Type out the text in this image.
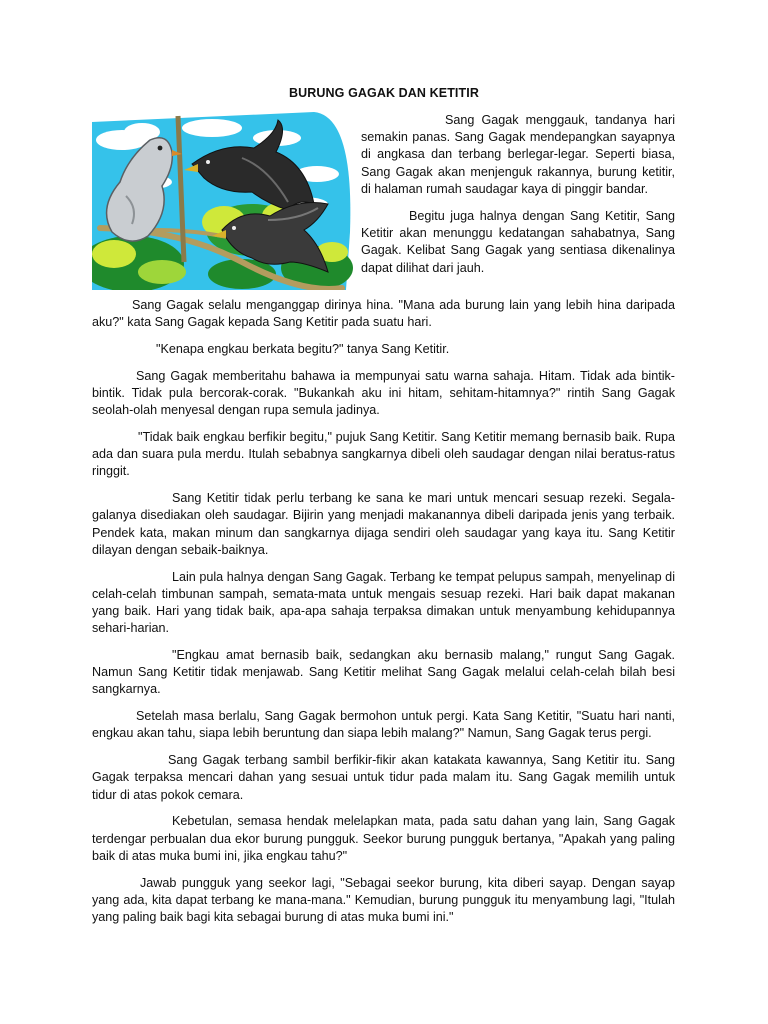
BURUNG GAGAK DAN KETITIR

Sang Gagak menggauk, tandanya hari semakin panas. Sang Gagak mendepangkan sayapnya di angkasa dan terbang berlegar-legar. Seperti biasa, Sang Gagak akan menjenguk rakannya, burung ketitir, di halaman rumah saudagar kaya di pinggir bandar.

Begitu juga halnya dengan Sang Ketitir, Sang Ketitir akan menunggu kedatangan sahabatnya, Sang Gagak. Kelibat Sang Gagak yang sentiasa dikenalinya dapat dilihat dari jauh.

Sang Gagak selalu menganggap dirinya hina. "Mana ada burung lain yang lebih hina daripada aku?" kata Sang Gagak kepada Sang Ketitir pada suatu hari.

"Kenapa engkau berkata begitu?" tanya Sang Ketitir.

Sang Gagak memberitahu bahawa ia mempunyai satu warna sahaja. Hitam. Tidak ada bintik-bintik. Tidak pula bercorak-corak. "Bukankah aku ini hitam, sehitam-hitamnya?" rintih Sang Gagak seolah-olah menyesal dengan rupa semula jadinya.

"Tidak baik engkau berfikir begitu," pujuk Sang Ketitir. Sang Ketitir memang bernasib baik. Rupa ada dan suara pula merdu. Itulah sebabnya sangkarnya dibeli oleh saudagar dengan nilai beratus-ratus ringgit.

Sang Ketitir tidak perlu terbang ke sana ke mari untuk mencari sesuap rezeki. Segala-galanya disediakan oleh saudagar. Bijirin yang menjadi makanannya dibeli daripada jenis yang terbaik. Pendek kata, makan minum dan sangkarnya dijaga sendiri oleh saudagar yang kaya itu. Sang Ketitir dilayan dengan sebaik-baiknya.

Lain pula halnya dengan Sang Gagak. Terbang ke tempat pelupus sampah, menyelinap di celah-celah timbunan sampah, semata-mata untuk mengais sesuap rezeki. Hari baik dapat makanan yang baik. Hari yang tidak baik, apa-apa sahaja terpaksa dimakan untuk menyambung kehidupannya sehari-harian.

"Engkau amat bernasib baik, sedangkan aku bernasib malang," rungut Sang Gagak. Namun Sang Ketitir tidak menjawab. Sang Ketitir melihat Sang Gagak melalui celah-celah bilah besi sangkarnya.

Setelah masa berlalu, Sang Gagak bermohon untuk pergi. Kata Sang Ketitir, "Suatu hari nanti, engkau akan tahu, siapa lebih beruntung dan siapa lebih malang?" Namun, Sang Gagak terus pergi.

Sang Gagak terbang sambil berfikir-fikir akan katakata kawannya, Sang Ketitir itu. Sang Gagak terpaksa mencari dahan yang sesuai untuk tidur pada malam itu. Sang Gagak memilih untuk tidur di atas pokok cemara.

Kebetulan, semasa hendak melelapkan mata, pada satu dahan yang lain, Sang Gagak terdengar perbualan dua ekor burung pungguk. Seekor burung pungguk bertanya, "Apakah yang paling baik di atas muka bumi ini, jika engkau tahu?"

Jawab pungguk yang seekor lagi, "Sebagai seekor burung, kita diberi sayap. Dengan sayap yang ada, kita dapat terbang ke mana-mana." Kemudian, burung pungguk itu menyambung lagi, "Itulah yang paling baik bagi kita sebagai burung di atas muka bumi ini."
